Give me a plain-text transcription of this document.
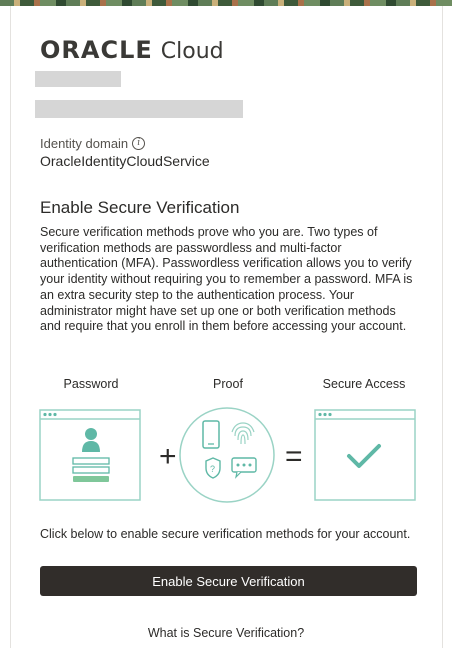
ORACLE Cloud
Identity domain	i
OracleIdentityCloudService
Enable Secure Verification
Secure verification methods prove who you are. Two types of verification methods are passwordless and multi-factor authentication (MFA). Passwordless verification allows you to verify your identity without requiring you to remember a password. MFA is an extra security step to the authentication process. Your administrator might have set up one or both verification methods and require that you enroll in them before accessing your account.
Password	Proof	Secure Access
+	? =
Click below to enable secure verification methods for your account.
Enable Secure Verification
What is Secure Verification?
